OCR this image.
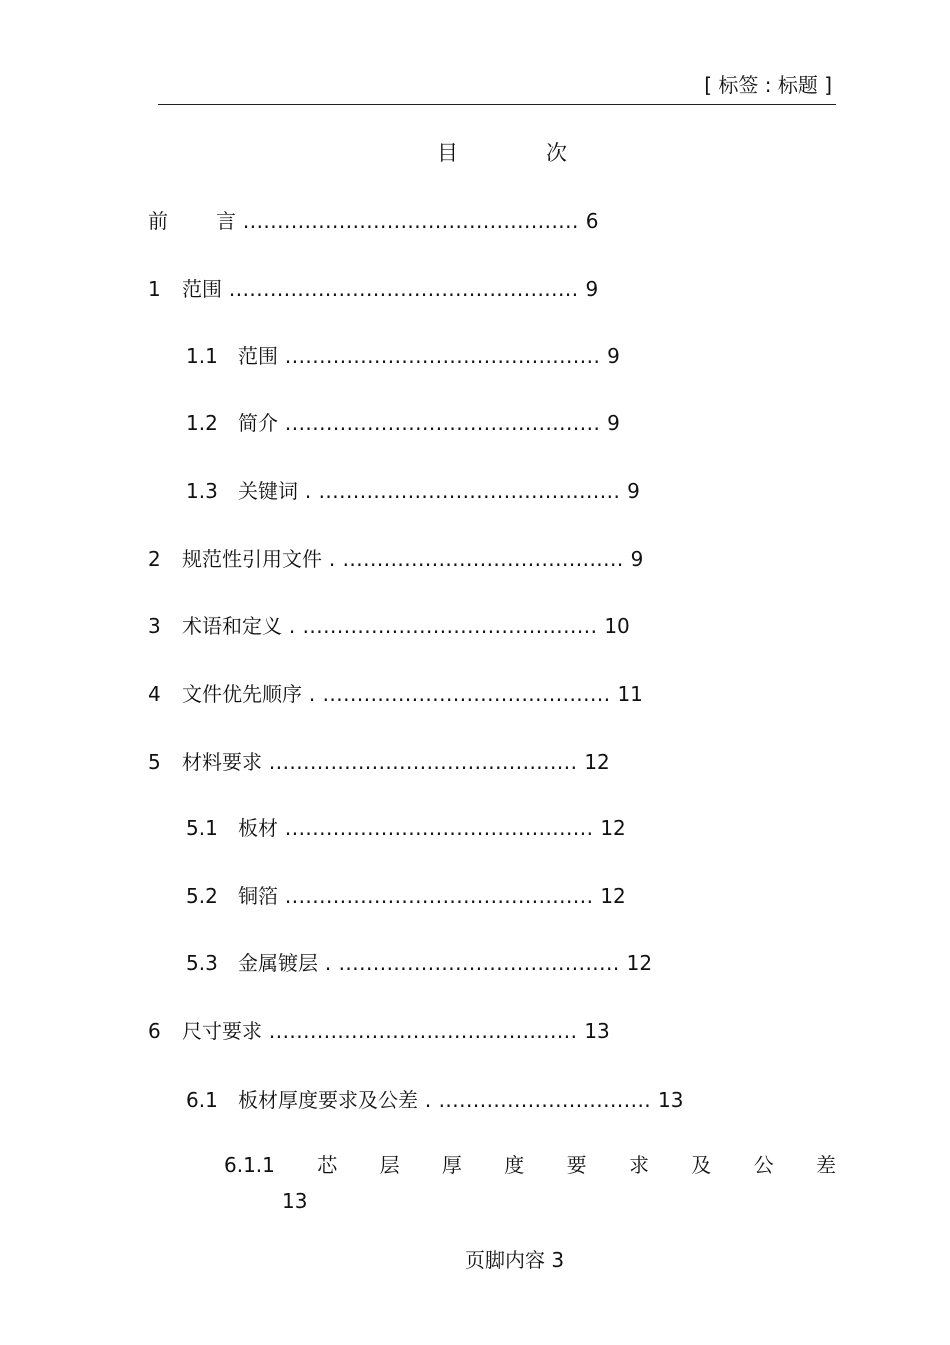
[ 标签 : 标题 ]
目	次
前 言 ................................................. 6
1 范围 ................................................... 9
1.1 范围 .............................................. 9
1.2 简介 .............................................. 9
1.3 关键词 . ............................................ 9
2 规范性引用文件 . ......................................... 9
3 术语和定义 . ........................................... 10
4 文件优先顺序 . .......................................... 11
5 材料要求 ............................................. 12
5.1 板材 ............................................. 12
5.2 铜箔 ............................................. 12
5.3 金属镀层 . ......................................... 12
6 尺寸要求 ............................................. 13
6.1 板材厚度要求及公差 . ............................... 13
6.1.1 芯 层 厚 度 要 求 及 公 差
13
页脚内容 3
